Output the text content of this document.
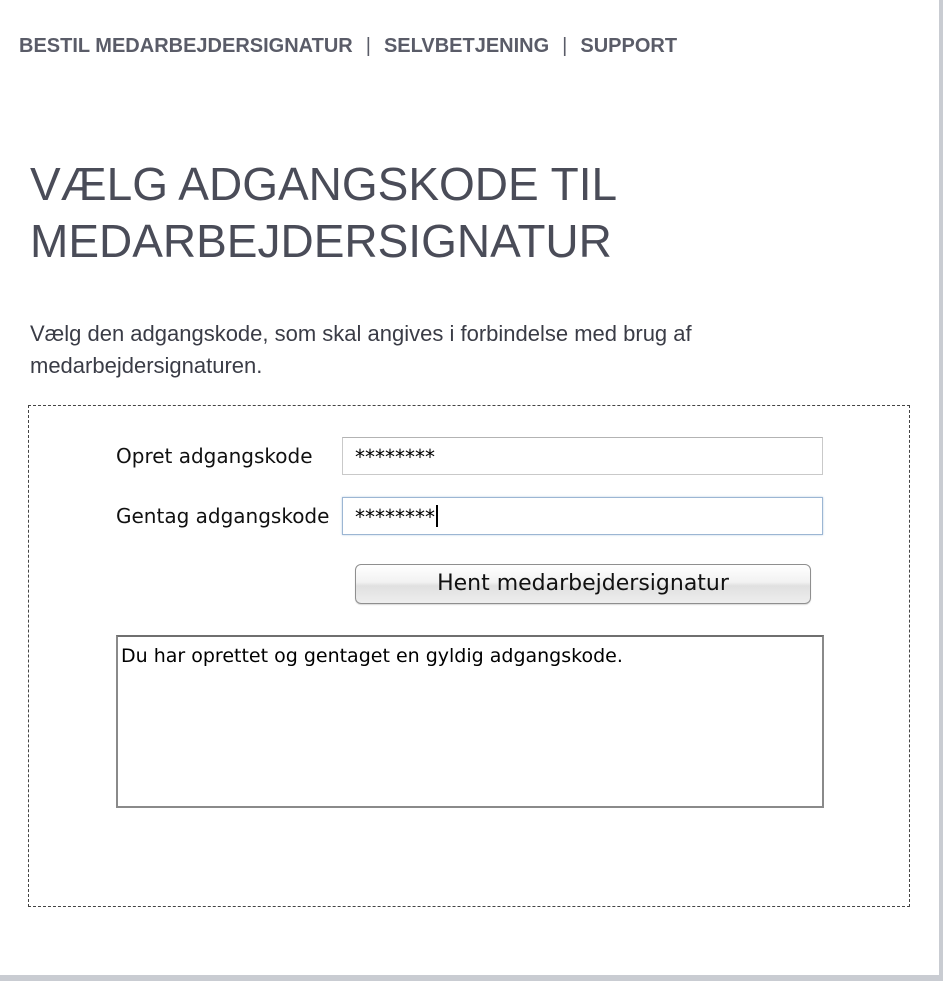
BESTIL MEDARBEJDERSIGNATUR | SELVBETJENING | SUPPORT
VÆLG ADGANGSKODE TIL
MEDARBEJDERSIGNATUR

Vælg den adgangskode, som skal angives i forbindelse med brug af medarbejdersignaturen.

Opret adgangskode	********
Gentag adgangskode	********
Hent medarbejdersignatur
Du har oprettet og gentaget en gyldig adgangskode.
